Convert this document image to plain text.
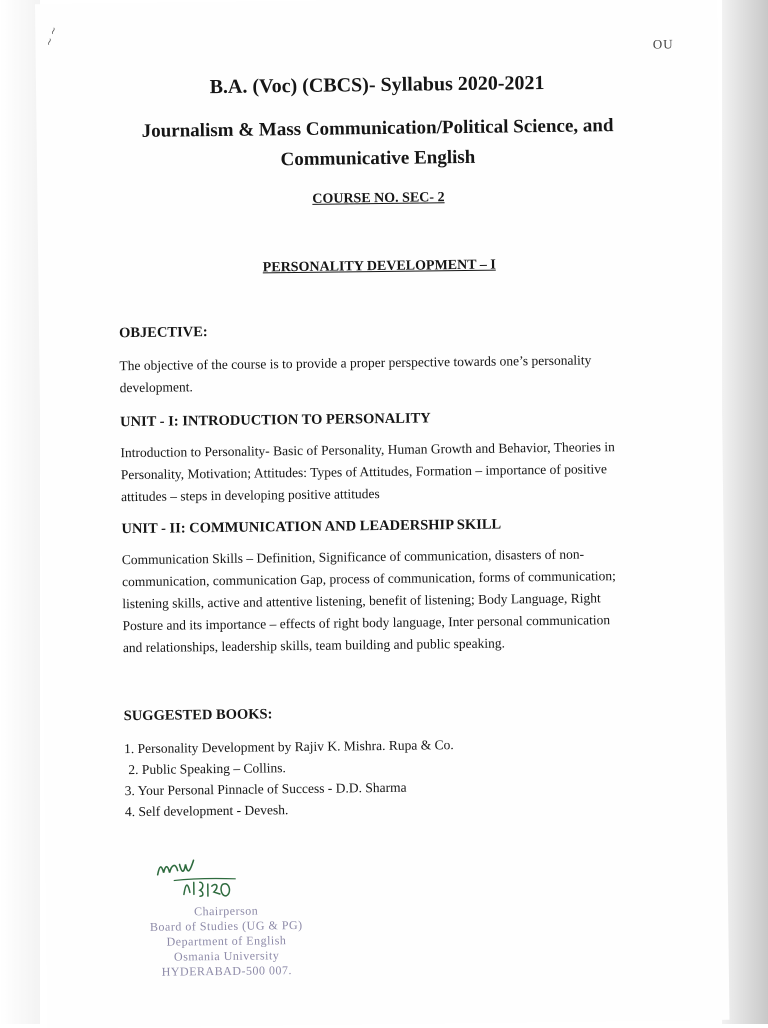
~ ~	OU
B.A. (Voc) (CBCS)- Syllabus 2020-2021
Journalism & Mass Communication/Political Science, and
Communicative English
COURSE NO. SEC- 2
PERSONALITY DEVELOPMENT – I
OBJECTIVE:
The objective of the course is to provide a proper perspective towards one’s personality development.
UNIT - I: INTRODUCTION TO PERSONALITY
Introduction to Personality- Basic of Personality, Human Growth and Behavior, Theories in Personality, Motivation; Attitudes: Types of Attitudes, Formation – importance of positive attitudes – steps in developing positive attitudes
UNIT - II: COMMUNICATION AND LEADERSHIP SKILL
Communication Skills – Definition, Significance of communication, disasters of non-communication, communication Gap, process of communication, forms of communication; listening skills, active and attentive listening, benefit of listening; Body Language, Right Posture and its importance – effects of right body language, Inter personal communication and relationships, leadership skills, team building and public speaking.
SUGGESTED BOOKS:
1. Personality Development by Rajiv K. Mishra. Rupa & Co.
2. Public Speaking – Collins.
3. Your Personal Pinnacle of Success - D.D. Sharma
4. Self development - Devesh.
Chairperson
Board of Studies (UG & PG)
Department of English
Osmania University
HYDERABAD-500 007.
